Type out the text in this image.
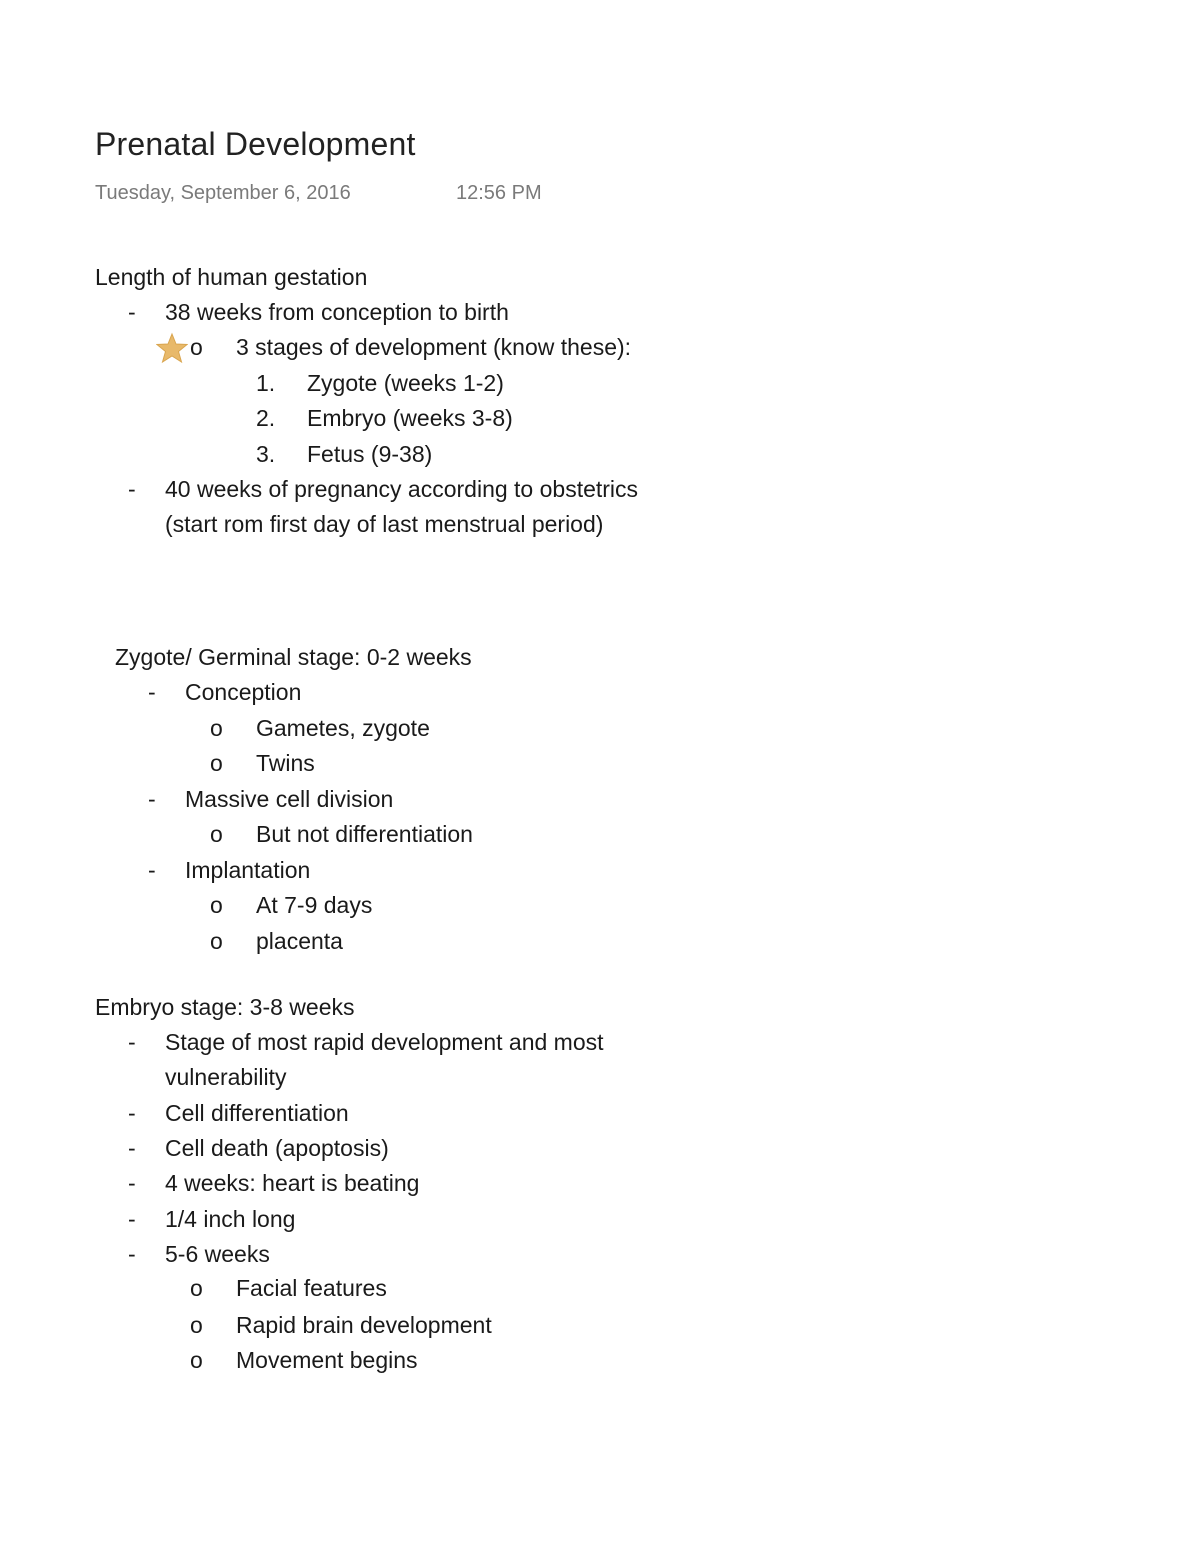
Prenatal Development
Tuesday, September 6, 2016	12:56 PM
Length of human gestation
- 38 weeks from conception to birth
o 3 stages of development (know these):
1. Zygote (weeks 1-2)
2. Embryo (weeks 3-8)
3. Fetus (9-38)
- 40 weeks of pregnancy according to obstetrics
(start rom first day of last menstrual period)
Zygote/ Germinal stage: 0-2 weeks
- Conception
o Gametes, zygote
o Twins
- Massive cell division
o But not differentiation
- Implantation
o At 7-9 days
o placenta
Embryo stage: 3-8 weeks
- Stage of most rapid development and most
vulnerability
- Cell differentiation
- Cell death (apoptosis)
- 4 weeks: heart is beating
- 1/4 inch long
- 5-6 weeks
o Facial features
o Rapid brain development
o Movement begins
